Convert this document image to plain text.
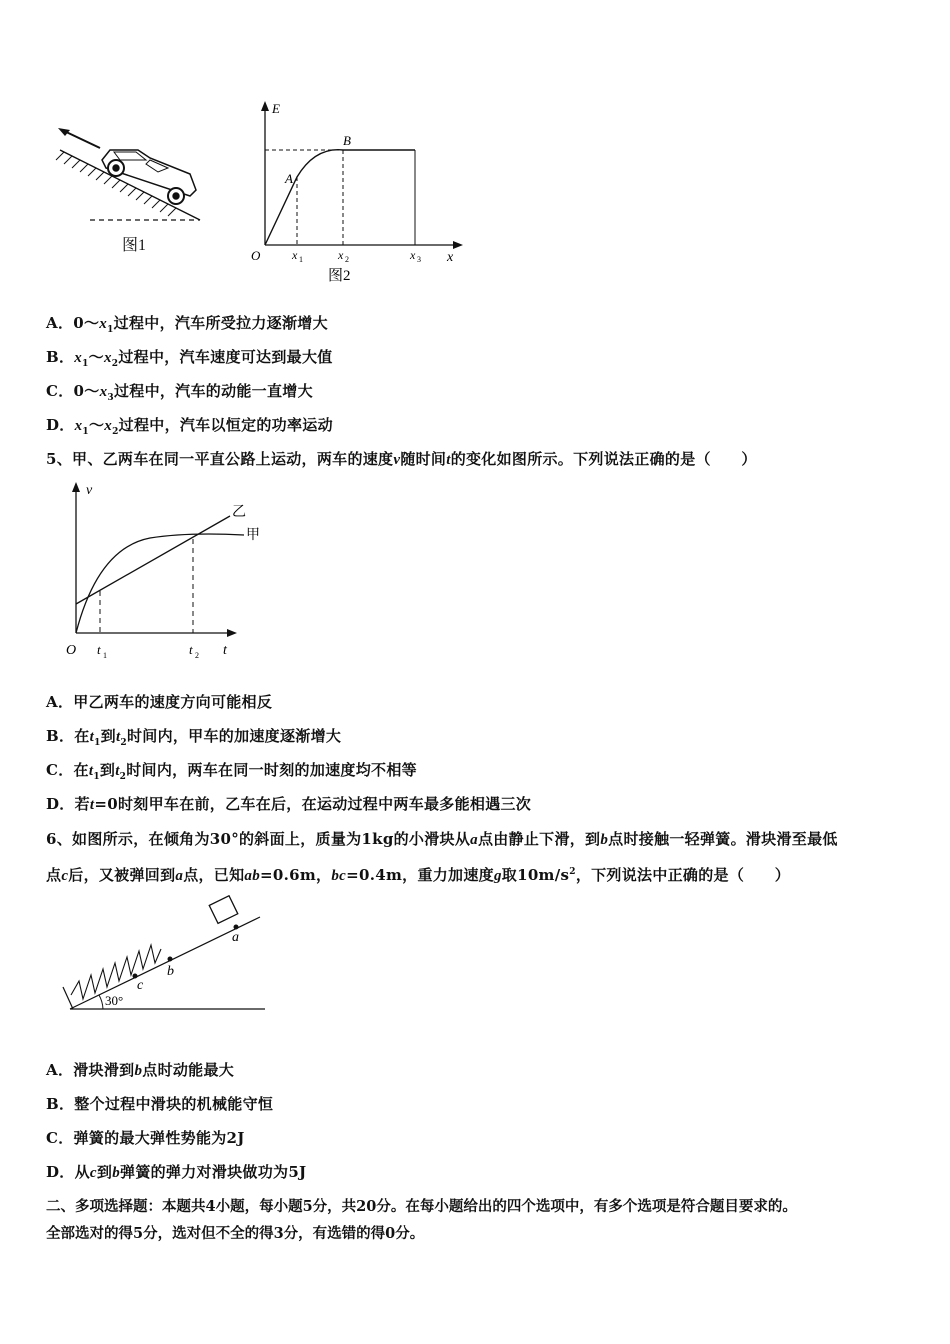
图1
E
x
O
A
B
x 1	x 2	x 3
图2
A．$0\sim x_1$过程中，汽车所受拉力逐渐增大
B．$x_1\sim x_2$过程中，汽车速度可达到最大值
C．$0\sim x_3$过程中，汽车的动能一直增大
D．$x_1\sim x_2$过程中，汽车以恒定的功率运动
5、甲、乙两车在同一平直公路上运动，两车的速度v随时间t的变化如图所示。下列说法正确的是（　　）
v
t
O t 1	t 2
乙
甲
A．甲乙两车的速度方向可能相反
B．在$t_1$到$t_2$时间内，甲车的加速度逐渐增大
C．在$t_1$到$t_2$时间内，两车在同一时刻的加速度均不相等
D．若t=0时刻甲车在前，乙车在后，在运动过程中两车最多能相遇三次
6、如图所示，在倾角为30°的斜面上，质量为1kg的小滑块从a点由静止下滑，到b点时接触一轻弹簧。滑块滑至最低
点c后，又被弹回到a点，已知ab=0.6m，bc=0.4m，重力加速度g取$10m/s^2$，下列说法中正确的是（　　）
c
b
a
30°
A．滑块滑到b点时动能最大
B．整个过程中滑块的机械能守恒
C．弹簧的最大弹性势能为2J
D．从c到b弹簧的弹力对滑块做功为5J
二、多项选择题：本题共4小题，每小题5分，共20分。在每小题给出的四个选项中，有多个选项是符合题目要求的。
全部选对的得5分，选对但不全的得3分，有选错的得0分。
